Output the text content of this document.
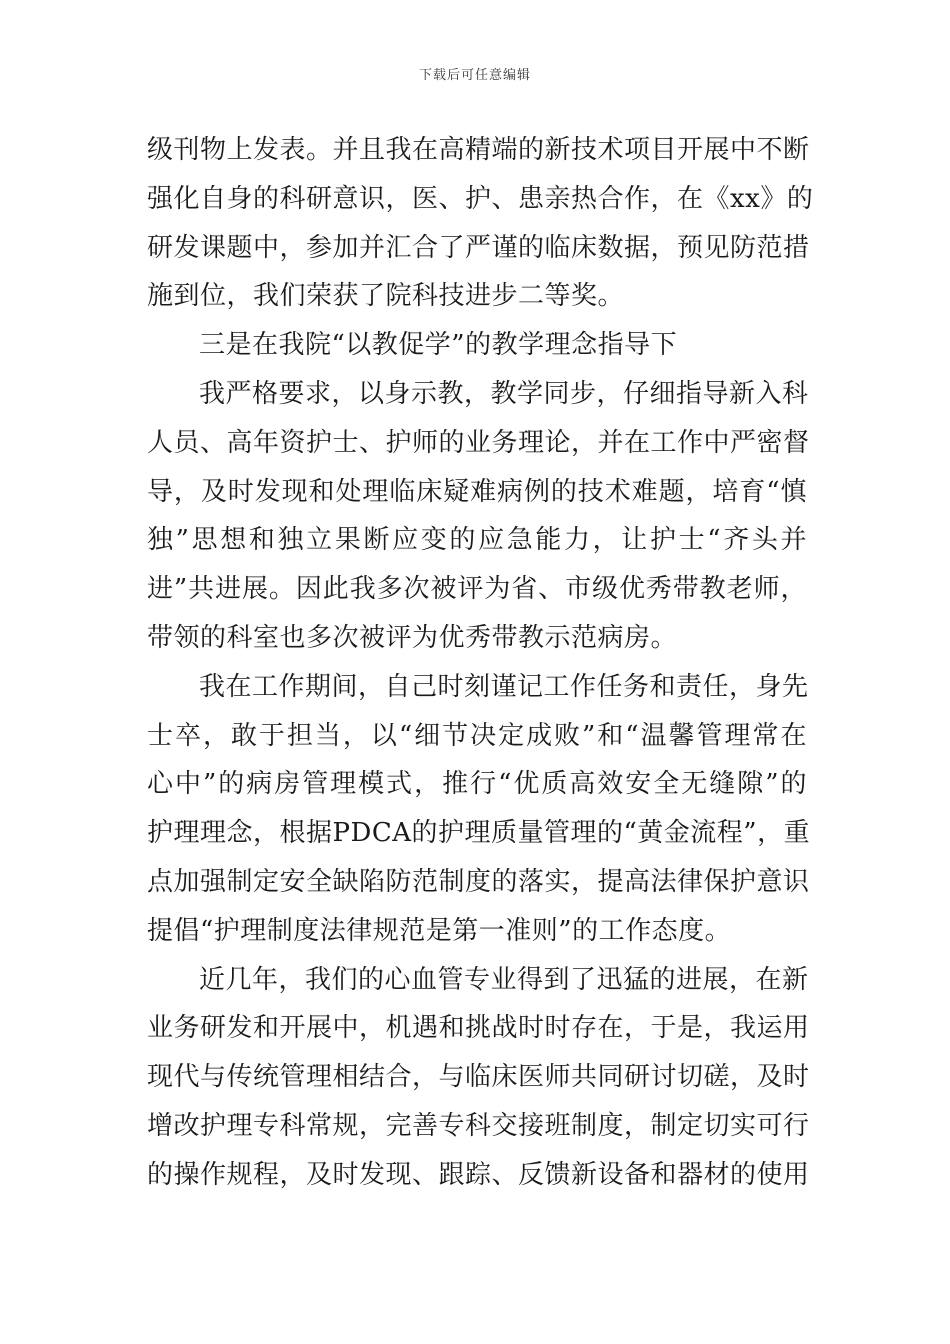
下载后可任意编辑
级刊物上发表。并且我在高精端的新技术项目开展中不断
强化自身的科研意识，医、护、患亲热合作，在《xx》的
研发课题中，参加并汇合了严谨的临床数据，预见防范措
施到位，我们荣获了院科技进步二等奖。
三是在我院“以教促学”的教学理念指导下
我严格要求，以身示教，教学同步，仔细指导新入科
人员、高年资护士、护师的业务理论，并在工作中严密督
导，及时发现和处理临床疑难病例的技术难题，培育“慎
独”思想和独立果断应变的应急能力，让护士“齐头并
进”共进展。因此我多次被评为省、市级优秀带教老师，
带领的科室也多次被评为优秀带教示范病房。
我在工作期间，自己时刻谨记工作任务和责任，身先
士卒，敢于担当，以“细节决定成败”和“温馨管理常在
心中”的病房管理模式，推行“优质高效安全无缝隙”的
护理理念，根据PDCA的护理质量管理的“黄金流程”，重
点加强制定安全缺陷防范制度的落实，提高法律保护意识
提倡“护理制度法律规范是第一准则”的工作态度。
近几年，我们的心血管专业得到了迅猛的进展，在新
业务研发和开展中，机遇和挑战时时存在，于是，我运用
现代与传统管理相结合，与临床医师共同研讨切磋，及时
增改护理专科常规，完善专科交接班制度，制定切实可行
的操作规程，及时发现、跟踪、反馈新设备和器材的使用
